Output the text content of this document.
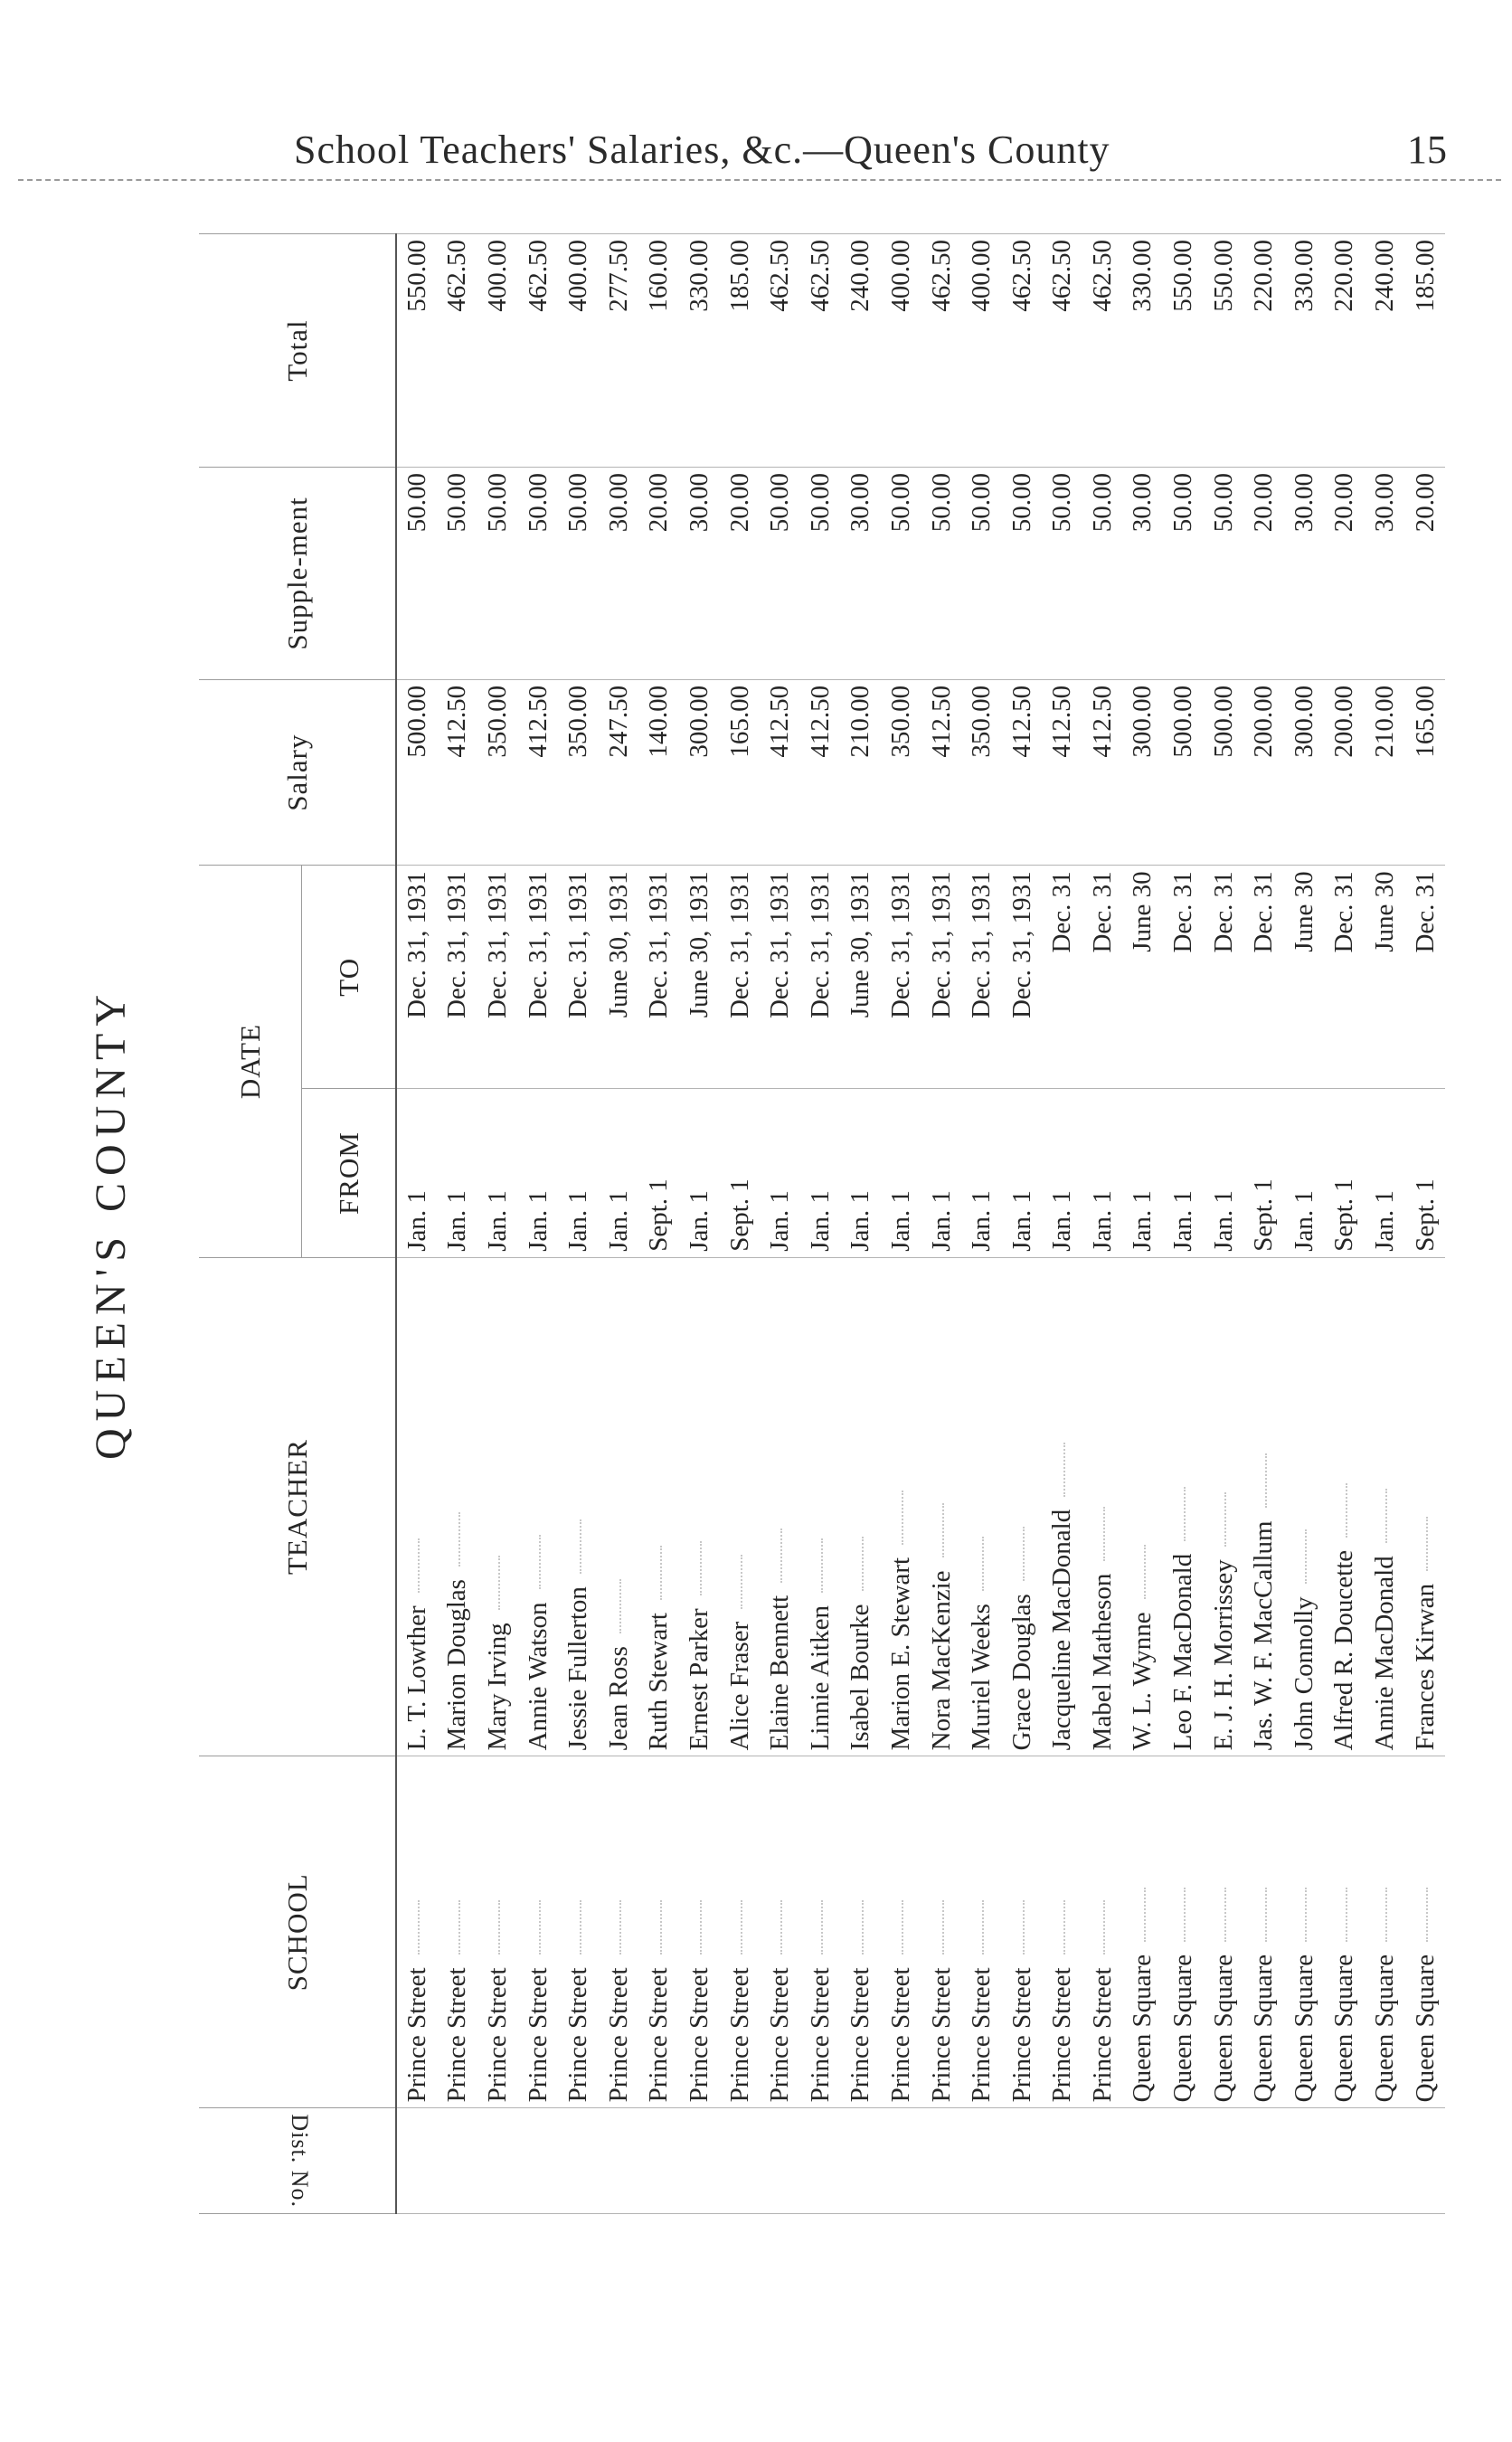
School Teachers' Salaries, &c.—Queen's County	15
QUEEN'S COUNTY
Dist. No.	SCHOOL	TEACHER	DATE		Salary	Supple-ment	Total
			FROM	TO			

	Prince Street	L. T. Lowther	Jan. 1	Dec. 31, 1931	500.00	50.00	550.00
	Prince Street	Marion Douglas	Jan. 1	Dec. 31, 1931	412.50	50.00	462.50
	Prince Street	Mary Irving	Jan. 1	Dec. 31, 1931	350.00	50.00	400.00
	Prince Street	Annie Watson	Jan. 1	Dec. 31, 1931	412.50	50.00	462.50
	Prince Street	Jessie Fullerton	Jan. 1	Dec. 31, 1931	350.00	50.00	400.00
	Prince Street	Jean Ross	Jan. 1	June 30, 1931	247.50	30.00	277.50
	Prince Street	Ruth Stewart	Sept. 1	Dec. 31, 1931	140.00	20.00	160.00
	Prince Street	Ernest Parker	Jan. 1	June 30, 1931	300.00	30.00	330.00
	Prince Street	Alice Fraser	Sept. 1	Dec. 31, 1931	165.00	20.00	185.00
	Prince Street	Elaine Bennett	Jan. 1	Dec. 31, 1931	412.50	50.00	462.50
	Prince Street	Linnie Aitken	Jan. 1	Dec. 31, 1931	412.50	50.00	462.50
	Prince Street	Isabel Bourke	Jan. 1	June 30, 1931	210.00	30.00	240.00
	Prince Street	Marion E. Stewart	Jan. 1	Dec. 31, 1931	350.00	50.00	400.00
	Prince Street	Nora MacKenzie	Jan. 1	Dec. 31, 1931	412.50	50.00	462.50
	Prince Street	Muriel Weeks	Jan. 1	Dec. 31, 1931	350.00	50.00	400.00
	Prince Street	Grace Douglas	Jan. 1	Dec. 31, 1931	412.50	50.00	462.50
	Prince Street	Jacqueline MacDonald	Jan. 1	Dec. 31	412.50	50.00	462.50
	Prince Street	Mabel Matheson	Jan. 1	Dec. 31	412.50	50.00	462.50
	Queen Square	W. L. Wynne	Jan. 1	June 30	300.00	30.00	330.00
	Queen Square	Leo F. MacDonald	Jan. 1	Dec. 31	500.00	50.00	550.00
	Queen Square	E. J. H. Morrissey	Jan. 1	Dec. 31	500.00	50.00	550.00
	Queen Square	Jas. W. F. MacCallum	Sept. 1	Dec. 31	200.00	20.00	220.00
	Queen Square	John Connolly	Jan. 1	June 30	300.00	30.00	330.00
	Queen Square	Alfred R. Doucette	Sept. 1	Dec. 31	200.00	20.00	220.00
	Queen Square	Annie MacDonald	Jan. 1	June 30	210.00	30.00	240.00
	Queen Square	Frances Kirwan	Sept. 1	Dec. 31	165.00	20.00	185.00
